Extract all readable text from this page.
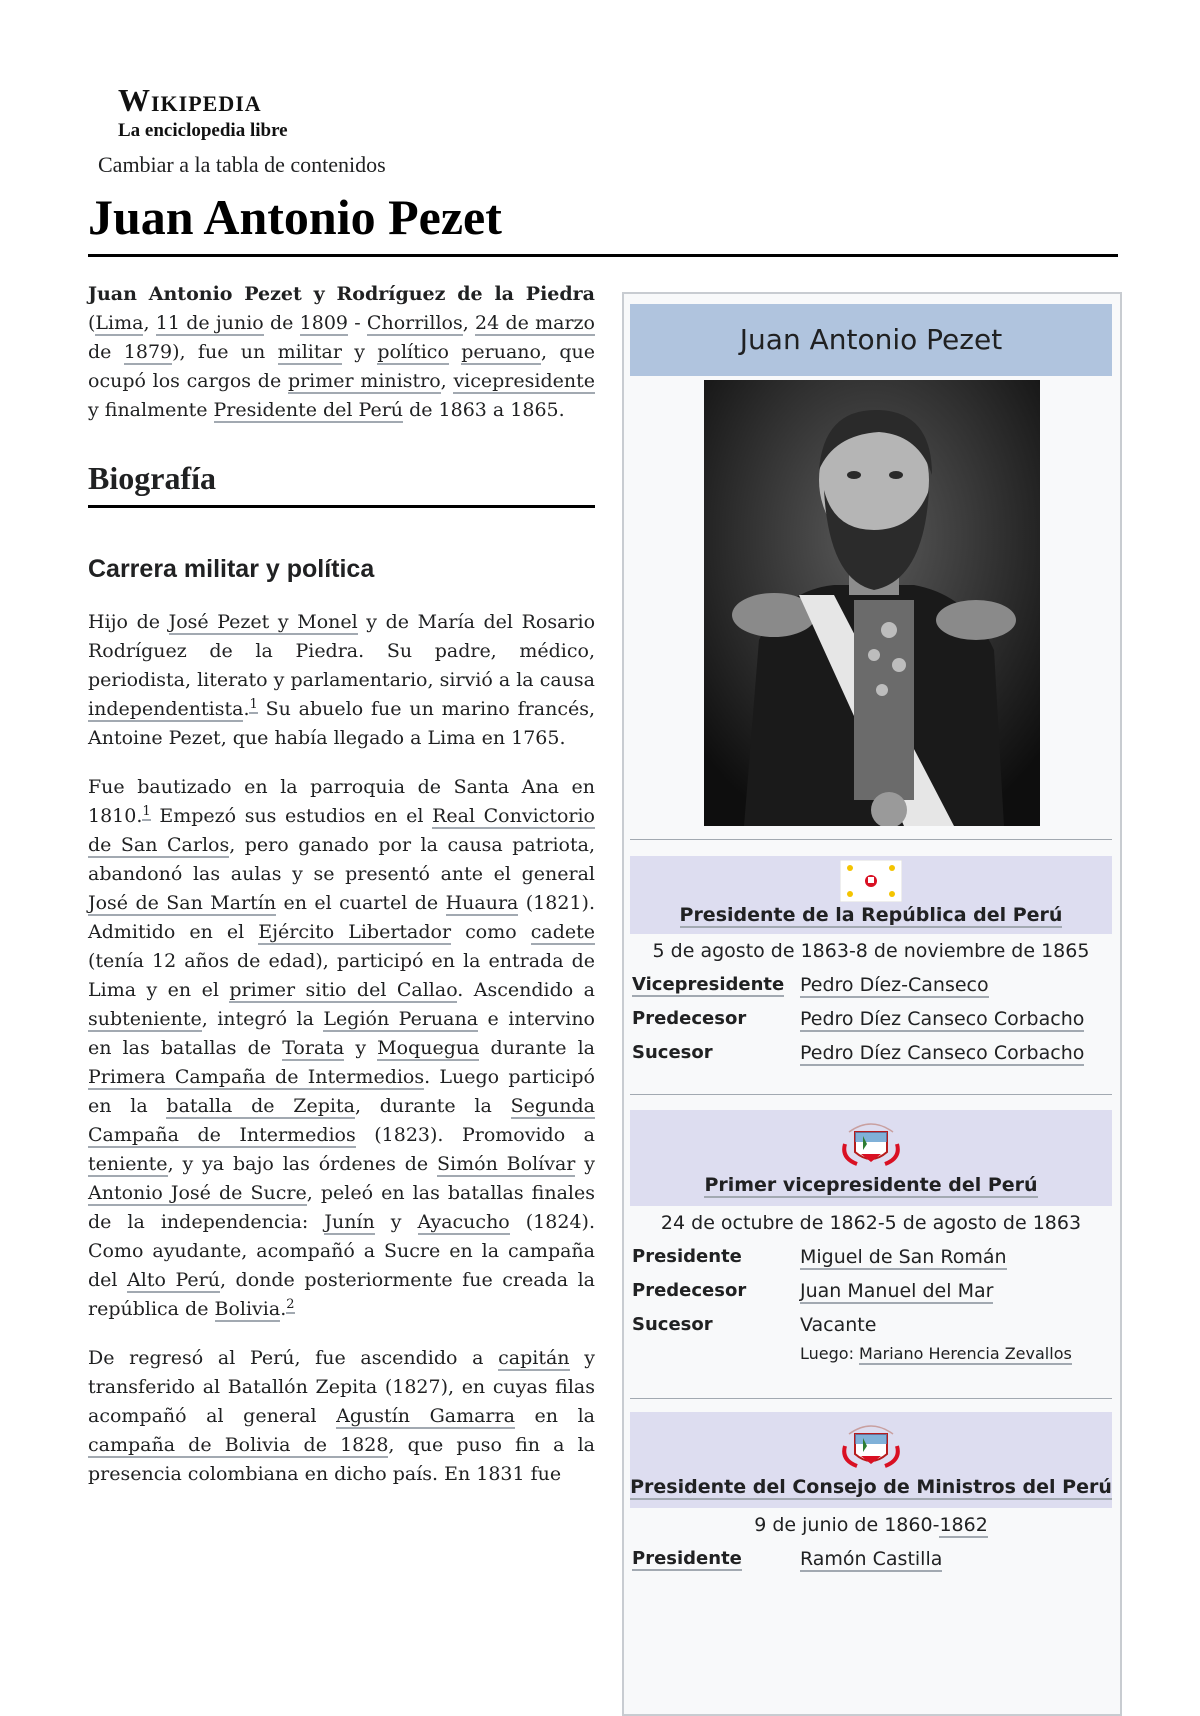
Wikipedia
La enciclopedia libre
Cambiar a la tabla de contenidos
Juan Antonio Pezet

Juan Antonio Pezet y Rodríguez de la Piedra (Lima, 11 de junio de 1809 - Chorrillos, 24 de marzo de 1879), fue un militar y político peruano, que ocupó los cargos de primer ministro, vicepresidente y finalmente Presidente del Perú de 1863 a 1865.

Biografía
Carrera militar y política

Hijo de José Pezet y Monel y de María del Rosario Rodríguez de la Piedra. Su padre, médico, periodista, literato y parlamentario, sirvió a la causa independentista.$^1$ Su abuelo fue un marino francés, Antoine Pezet, que había llegado a Lima en 1765.

Fue bautizado en la parroquia de Santa Ana en 1810.$^1$ Empezó sus estudios en el Real Convictorio de San Carlos, pero ganado por la causa patriota, abandonó las aulas y se presentó ante el general José de San Martín en el cuartel de Huaura (1821). Admitido en el Ejército Libertador como cadete (tenía 12 años de edad), participó en la entrada de Lima y en el primer sitio del Callao. Ascendido a subteniente, integró la Legión Peruana e intervino en las batallas de Torata y Moquegua durante la Primera Campaña de Intermedios. Luego participó en la batalla de Zepita, durante la Segunda Campaña de Intermedios (1823). Promovido a teniente, y ya bajo las órdenes de Simón Bolívar y Antonio José de Sucre, peleó en las batallas finales de la independencia: Junín y Ayacucho (1824). Como ayudante, acompañó a Sucre en la campaña del Alto Perú, donde posteriormente fue creada la república de Bolivia.$^2$

De regresó al Perú, fue ascendido a capitán y transferido al Batallón Zepita (1827), en cuyas filas acompañó al general Agustín Gamarra en la campaña de Bolivia de 1828, que puso fin a la presencia colombiana en dicho país. En 1831 fue

Juan Antonio Pezet
Presidente de la República del Perú
5 de agosto de 1863-8 de noviembre de 1865
Vicepresidente Pedro Díez-Canseco
Predecesor	Pedro Díez Canseco Corbacho
Sucesor	Pedro Díez Canseco Corbacho
Primer vicepresidente del Perú
24 de octubre de 1862-5 de agosto de 1863
Presidente	Miguel de San Román
Predecesor	Juan Manuel del Mar
Sucesor	Vacante
Luego: Mariano Herencia Zevallos
Presidente del Consejo de Ministros del Perú
9 de junio de 1860-1862
Presidente	Ramón Castilla
